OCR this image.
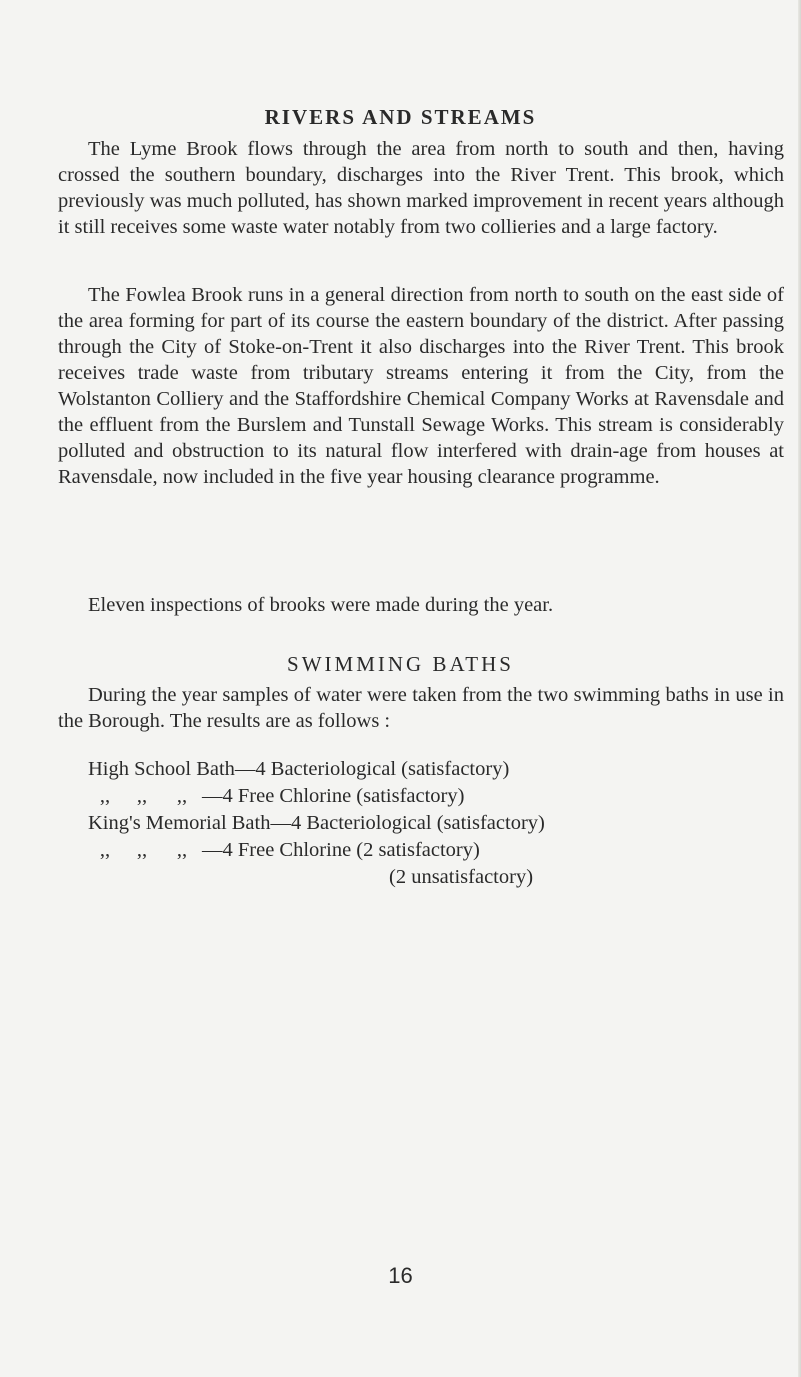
RIVERS AND STREAMS

The Lyme Brook flows through the area from north to south and then, having crossed the southern boundary, discharges into the River Trent. This brook, which previously was much polluted, has shown marked improvement in recent years although it still receives some waste water notably from two collieries and a large factory.

The Fowlea Brook runs in a general direction from north to south on the east side of the area forming for part of its course the eastern boundary of the district. After passing through the City of Stoke-on-Trent it also discharges into the River Trent. This brook receives trade waste from tributary streams entering it from the City, from the Wolstanton Colliery and the Staffordshire Chemical Company Works at Ravensdale and the effluent from the Burslem and Tunstall Sewage Works. This stream is considerably polluted and obstruction to its natural flow interfered with drain-age from houses at Ravensdale, now included in the five year housing clearance programme.

Eleven inspections of brooks were made during the year.

SWIMMING BATHS

During the year samples of water were taken from the two swimming baths in use in the Borough. The results are as follows :

High School Bath—4 Bacteriological (satisfactory)
,, ,, ,, —4 Free Chlorine (satisfactory)
King's Memorial Bath—4 Bacteriological (satisfactory)
,, ,, ,, —4 Free Chlorine (2 satisfactory)
(2 unsatisfactory)
16
